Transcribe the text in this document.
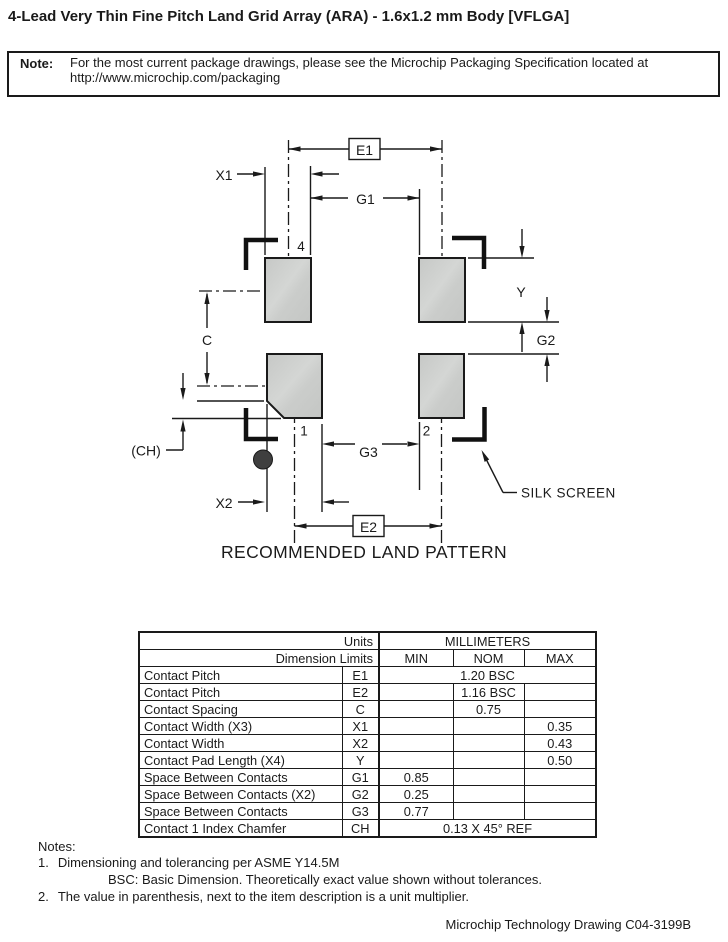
4-Lead Very Thin Fine Pitch Land Grid Array (ARA) - 1.6x1.2 mm Body [VFLGA]
Note: For the most current package drawings, please see the Microchip Packaging Specification located at
http://www.microchip.com/packaging
E1
E2
X1
G1
C
Y
G2
(CH)	G3
X2
4
1	2
SILK SCREEN
RECOMMENDED LAND PATTERN
Units		MILLIMETERS		
Dimension Limits		MIN	NOM	MAX
Contact Pitch	E1	1.20 BSC		
Contact Pitch	E2		1.16 BSC	
Contact Spacing	C		0.75	
Contact Width (X3)	X1			0.35
Contact Width	X2			0.43
Contact Pad Length (X4)	Y			0.50
Space Between Contacts	G1	0.85		
Space Between Contacts (X2)	G2	0.25		
Space Between Contacts	G3	0.77		
Contact 1 Index Chamfer	CH	0.13 X 45° REF		
Notes:
1. Dimensioning and tolerancing per ASME Y14.5M
BSC: Basic Dimension. Theoretically exact value shown without tolerances.
2. The value in parenthesis, next to the item description is a unit multiplier.
Microchip Technology Drawing C04-3199B
